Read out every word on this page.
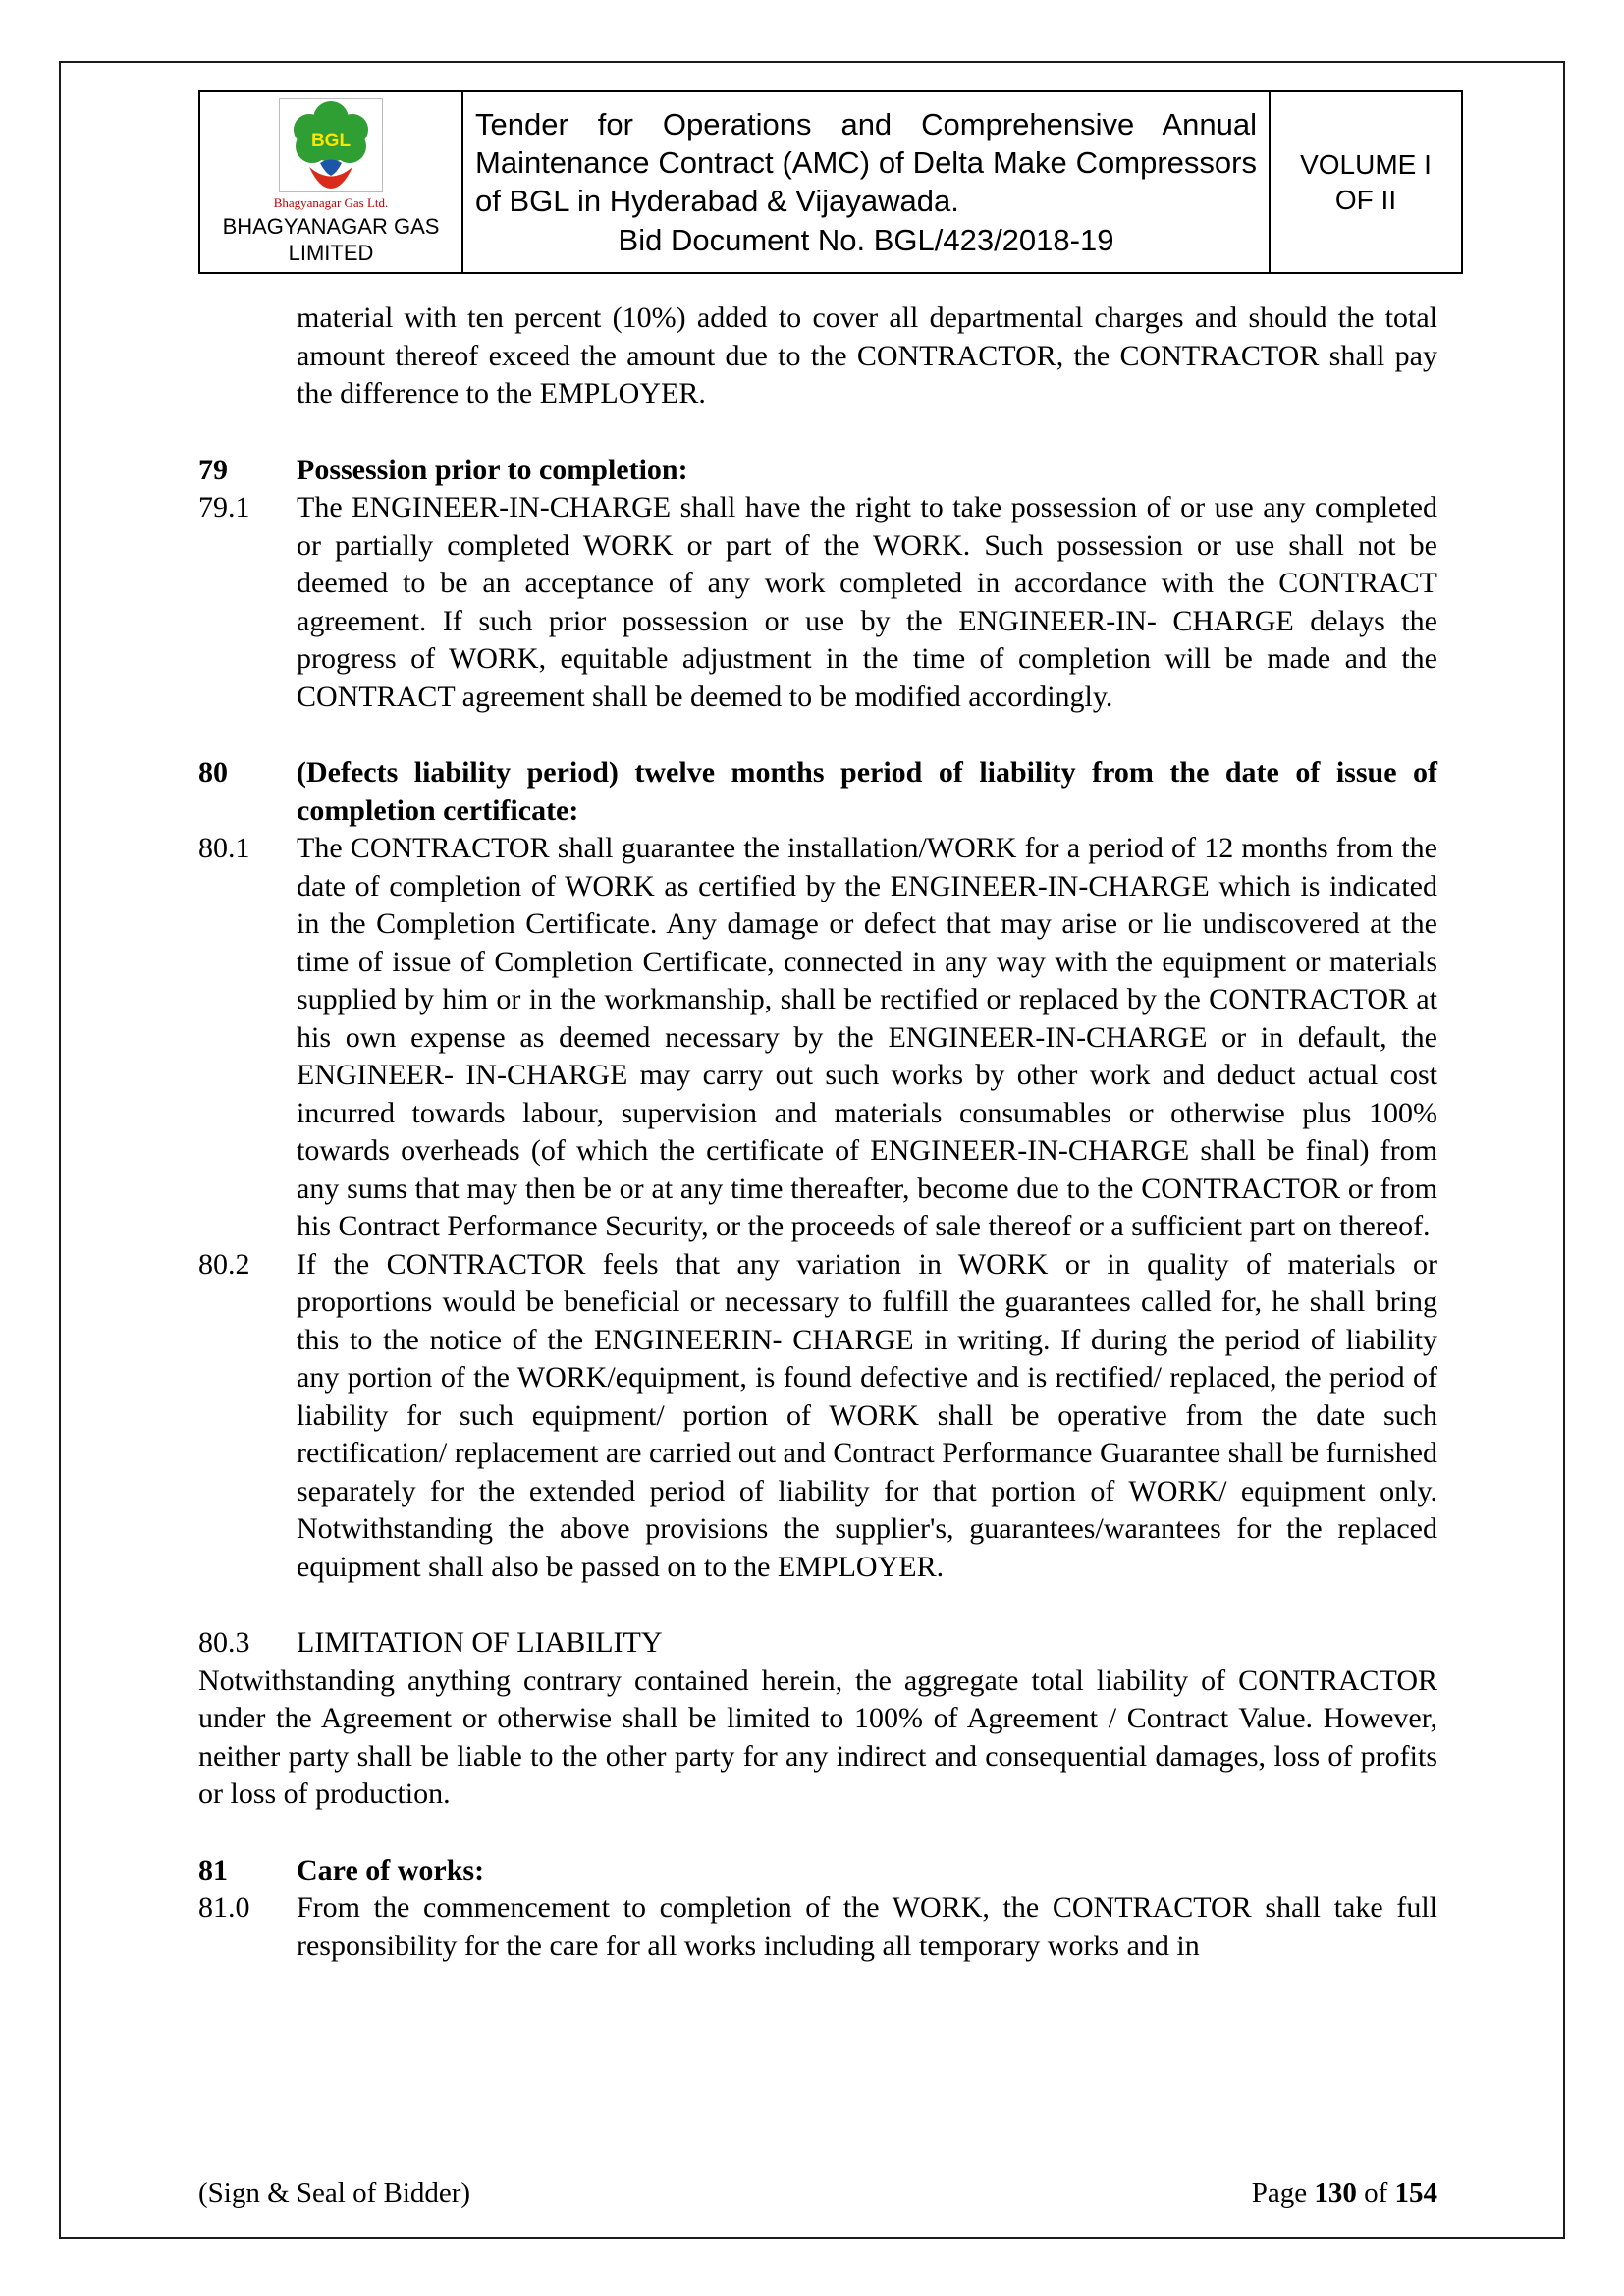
BGL
Bhagyanagar Gas Ltd.
BHAGYANAGAR GAS
LIMITED

Tender for Operations and Comprehensive Annual Maintenance Contract (AMC) of Delta Make Compressors of BGL in Hyderabad & Vijayawada.
Bid Document No. BGL/423/2018-19

VOLUME I
OF II

material with ten percent (10%) added to cover all departmental charges and should the total amount thereof exceed the amount due to the CONTRACTOR, the CONTRACTOR shall pay the difference to the EMPLOYER.

79	Possession prior to completion:
79.1	The ENGINEER-IN-CHARGE shall have the right to take possession of or use any completed or partially completed WORK or part of the WORK. Such possession or use shall not be deemed to be an acceptance of any work completed in accordance with the CONTRACT agreement. If such prior possession or use by the ENGINEER-IN- CHARGE delays the progress of WORK, equitable adjustment in the time of completion will be made and the CONTRACT agreement shall be deemed to be modified accordingly.
80	(Defects liability period) twelve months period of liability from the date of issue of completion certificate:
80.1	The CONTRACTOR shall guarantee the installation/WORK for a period of 12 months from the date of completion of WORK as certified by the ENGINEER-IN-CHARGE which is indicated in the Completion Certificate. Any damage or defect that may arise or lie undiscovered at the time of issue of Completion Certificate, connected in any way with the equipment or materials supplied by him or in the workmanship, shall be rectified or replaced by the CONTRACTOR at his own expense as deemed necessary by the ENGINEER-IN-CHARGE or in default, the ENGINEER- IN-CHARGE may carry out such works by other work and deduct actual cost incurred towards labour, supervision and materials consumables or otherwise plus 100% towards overheads (of which the certificate of ENGINEER-IN-CHARGE shall be final) from any sums that may then be or at any time thereafter, become due to the CONTRACTOR or from his Contract Performance Security, or the proceeds of sale thereof or a sufficient part on thereof.
80.2	If the CONTRACTOR feels that any variation in WORK or in quality of materials or proportions would be beneficial or necessary to fulfill the guarantees called for, he shall bring this to the notice of the ENGINEERIN- CHARGE in writing. If during the period of liability any portion of the WORK/equipment, is found defective and is rectified/ replaced, the period of liability for such equipment/ portion of WORK shall be operative from the date such rectification/ replacement are carried out and Contract Performance Guarantee shall be furnished separately for the extended period of liability for that portion of WORK/ equipment only. Notwithstanding the above provisions the supplier's, guarantees/warantees for the replaced equipment shall also be passed on to the EMPLOYER.
80.3	LIMITATION OF LIABILITY
Notwithstanding anything contrary contained herein, the aggregate total liability of CONTRACTOR under the Agreement or otherwise shall be limited to 100% of Agreement / Contract Value. However, neither party shall be liable to the other party for any indirect and consequential damages, loss of profits or loss of production.
81	Care of works:
81.0	From the commencement to completion of the WORK, the CONTRACTOR shall take full responsibility for the care for all works including all temporary works and in
(Sign & Seal of Bidder)	Page 130 of 154
